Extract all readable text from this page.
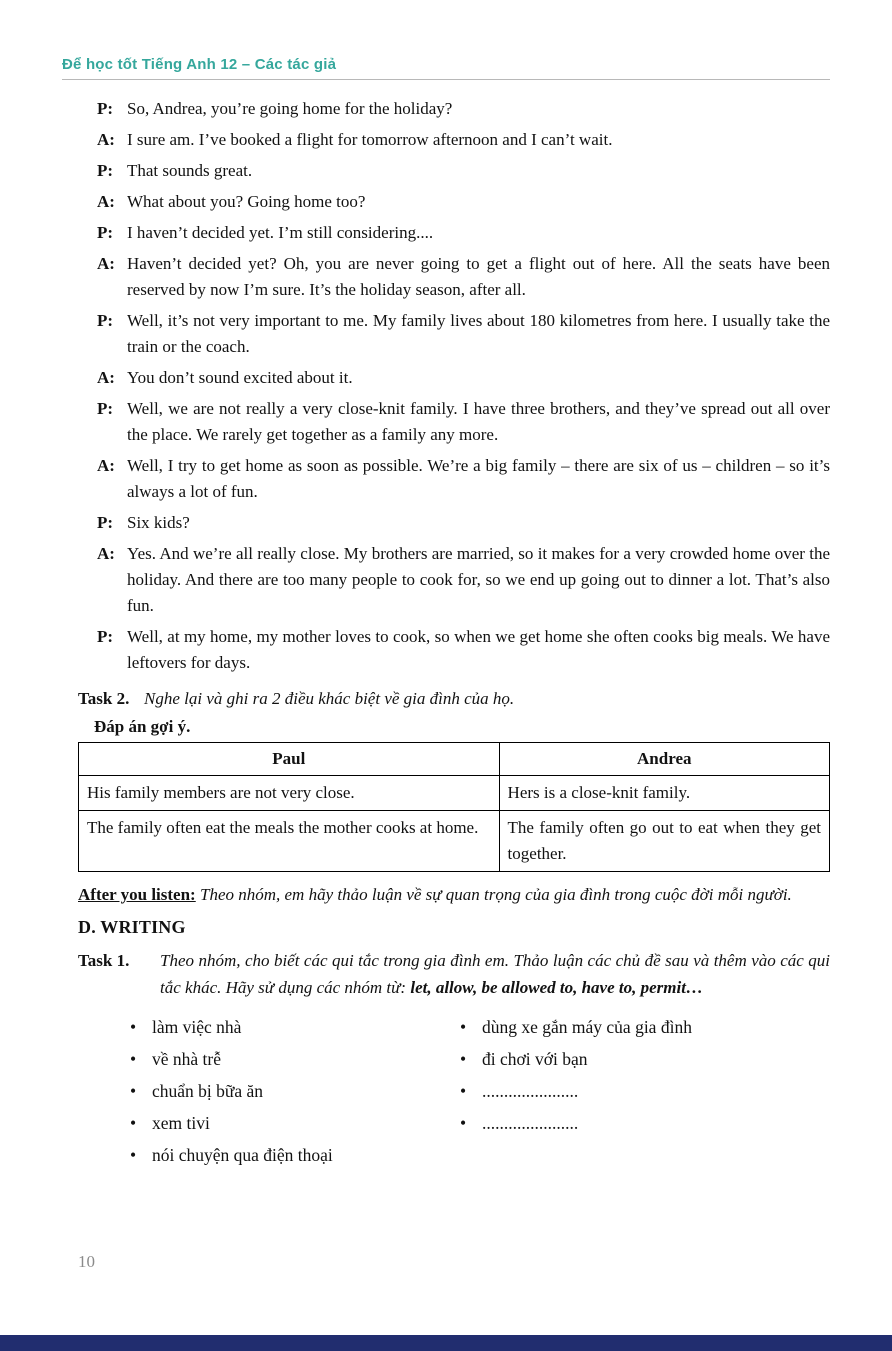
Để học tốt Tiếng Anh 12 – Các tác giả
P: So, Andrea, you’re going home for the holiday?
A: I sure am. I’ve booked a flight for tomorrow afternoon and I can’t wait.
P: That sounds great.
A: What about you? Going home too?
P: I haven’t decided yet. I’m still considering....
A: Haven’t decided yet? Oh, you are never going to get a flight out of here. All the seats have been reserved by now I’m sure. It’s the holiday season, after all.
P: Well, it’s not very important to me. My family lives about 180 kilometres from here. I usually take the train or the coach.
A: You don’t sound excited about it.
P: Well, we are not really a very close-knit family. I have three brothers, and they’ve spread out all over the place. We rarely get together as a family any more.
A: Well, I try to get home as soon as possible. We’re a big family – there are six of us – children – so it’s always a lot of fun.
P: Six kids?
A: Yes. And we’re all really close. My brothers are married, so it makes for a very crowded home over the holiday. And there are too many people to cook for, so we end up going out to dinner a lot. That’s also fun.
P: Well, at my home, my mother loves to cook, so when we get home she often cooks big meals. We have leftovers for days.
Task 2. Nghe lại và ghi ra 2 điều khác biệt về gia đình của họ.
Đáp án gợi ý.
Paul	Andrea
His family members are not very close.	Hers is a close-knit family.
The family often eat the meals the mother cooks at home.	The family often go out to eat when they get together.
After you listen: Theo nhóm, em hãy thảo luận về sự quan trọng của gia đình trong cuộc đời mỗi người.
D. WRITING
Task 1.	Theo nhóm, cho biết các qui tắc trong gia đình em. Thảo luận các chủ đề sau và thêm vào các qui tắc khác. Hãy sử dụng các nhóm từ: let, allow, be allowed to, have to, permit…
• làm việc nhà
• về nhà trễ
• chuẩn bị bữa ăn
• xem tivi
• nói chuyện qua điện thoại
• dùng xe gắn máy của gia đình
• đi chơi với bạn
• ......................
• ......................
10
